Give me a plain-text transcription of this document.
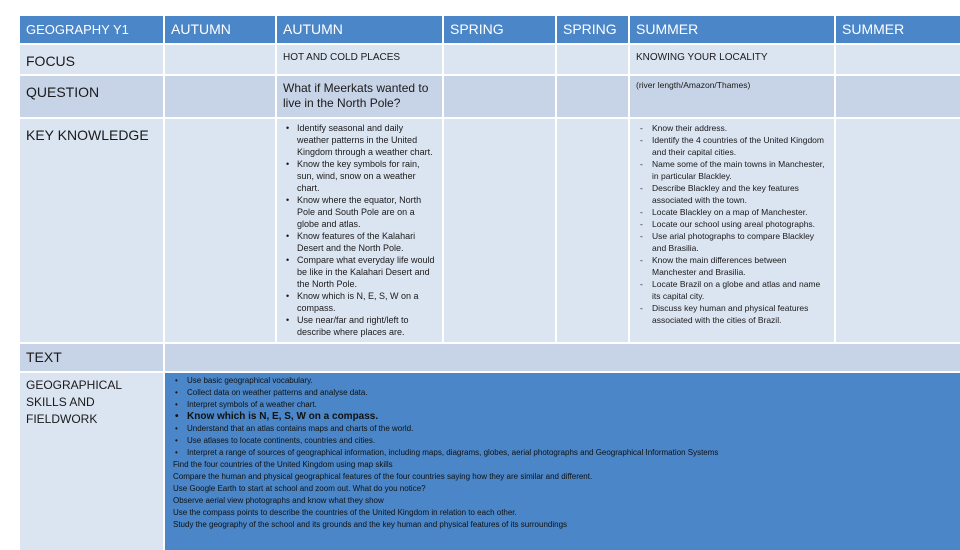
GEOGRAPHY Y1	AUTUMN	AUTUMN	SPRING	SPRING	SUMMER	SUMMER
FOCUS	HOT AND COLD PLACES	KNOWING YOUR LOCALITY
QUESTION	What if Meerkats wanted to live in the North Pole?
(river length/Amazon/Thames)
KEY KNOWLEDGE
•	Identify seasonal and daily weather patterns in the United Kingdom through a weather chart.
• Know the key symbols for rain, sun, wind, snow on a weather chart.
• Know where the equator, North Pole and South Pole are on a globe and atlas.
• Know features of the Kalahari Desert and the North Pole.
• Compare what everyday life would be like in the Kalahari Desert and the North Pole.
• Know which is N, E, S, W on a compass.
• Use near/far and right/left to describe where places are.
- Know their address.
- Identify the 4 countries of the United Kingdom and their capital cities.
- Name some of the main towns in Manchester, in particular Blackley.
- Describe Blackley and the key features associated with the town.
- Locate Blackley on a map of Manchester.
- Locate our school using areal photographs.
- Use arial photographs to compare Blackley and Brasilia.
- Know the main differences between Manchester and Brasilia.
- Locate Brazil on a globe and atlas and name its capital city.
- Discuss key human and physical features associated with the cities of Brazil.
TEXT
GEOGRAPHICAL SKILLS AND FIELDWORK
• Use basic geographical vocabulary.
• Collect data on weather patterns and analyse data.
• Interpret symbols of a weather chart.
• Know which is N, E, S, W on a compass.
• Understand that an atlas contains maps and charts of the world.
• Use atlases to locate continents, countries and cities.
• Interpret a range of sources of geographical information, including maps, diagrams, globes, aerial photographs and Geographical Information Systems
Find the four countries of the United Kingdom using map skills
Compare the human and physical geographical features of the four countries saying how they are similar and different.
Use Google Earth to start at school and zoom out. What do you notice?
Observe aerial view photographs and know what they show
Use the compass points to describe the countries of the United Kingdom in relation to each other.
Study the geography of the school and its grounds and the key human and physical features of its surroundings
